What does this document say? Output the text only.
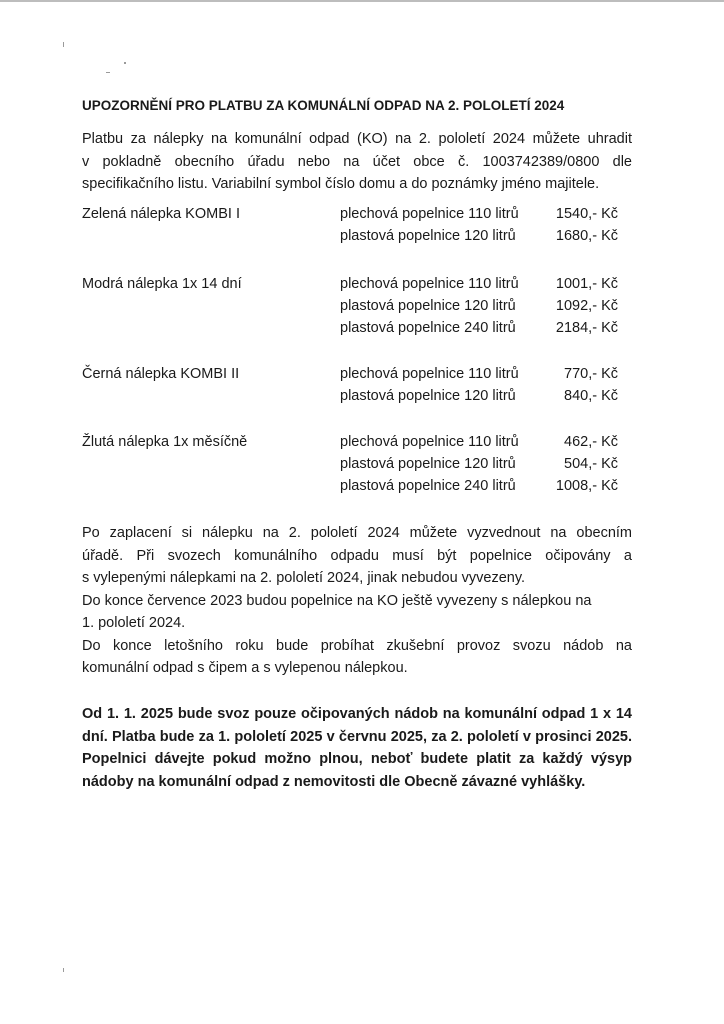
UPOZORNĚNÍ PRO PLATBU ZA KOMUNÁLNÍ ODPAD NA 2. POLOLETÍ 2024
Platbu za nálepky na komunální odpad (KO) na 2. pololetí 2024 můžete uhradit
v pokladně obecního úřadu nebo na účet obce č. 1003742389/0800 dle
specifikačního listu. Variabilní symbol číslo domu a do poznámky jméno majitele.
Zelená nálepka KOMBI I	plechová popelnice 110 litrů	1540,- Kč
plastová popelnice 120 litrů	1680,- Kč
Modrá nálepka 1x 14 dní	plechová popelnice 110 litrů	1001,- Kč
plastová popelnice 120 litrů	1092,- Kč
plastová popelnice 240 litrů	2184,- Kč
Černá nálepka KOMBI II	plechová popelnice 110 litrů	770,- Kč
plastová popelnice 120 litrů	840,- Kč
Žlutá nálepka 1x měsíčně	plechová popelnice 110 litrů	462,- Kč
plastová popelnice 120 litrů	504,- Kč
plastová popelnice 240 litrů	1008,- Kč
Po zaplacení si nálepku na 2. pololetí 2024 můžete vyzvednout na obecním
úřadě. Při svozech komunálního odpadu musí být popelnice očipovány a
s vylepenými nálepkami na 2. pololetí 2024, jinak nebudou vyvezeny.
Do konce července 2023 budou popelnice na KO ještě vyvezeny s nálepkou na
1. pololetí 2024.
Do konce letošního roku bude probíhat zkušební provoz svozu nádob na
komunální odpad s čipem a s vylepenou nálepkou.
Od 1. 1. 2025 bude svoz pouze očipovaných nádob na komunální odpad 1 x 14
dní. Platba bude za 1. pololetí 2025 v červnu 2025, za 2. pololetí v prosinci 2025.
Popelnici dávejte pokud možno plnou, neboť budete platit za každý výsyp
nádoby na komunální odpad z nemovitosti dle Obecně závazné vyhlášky.
